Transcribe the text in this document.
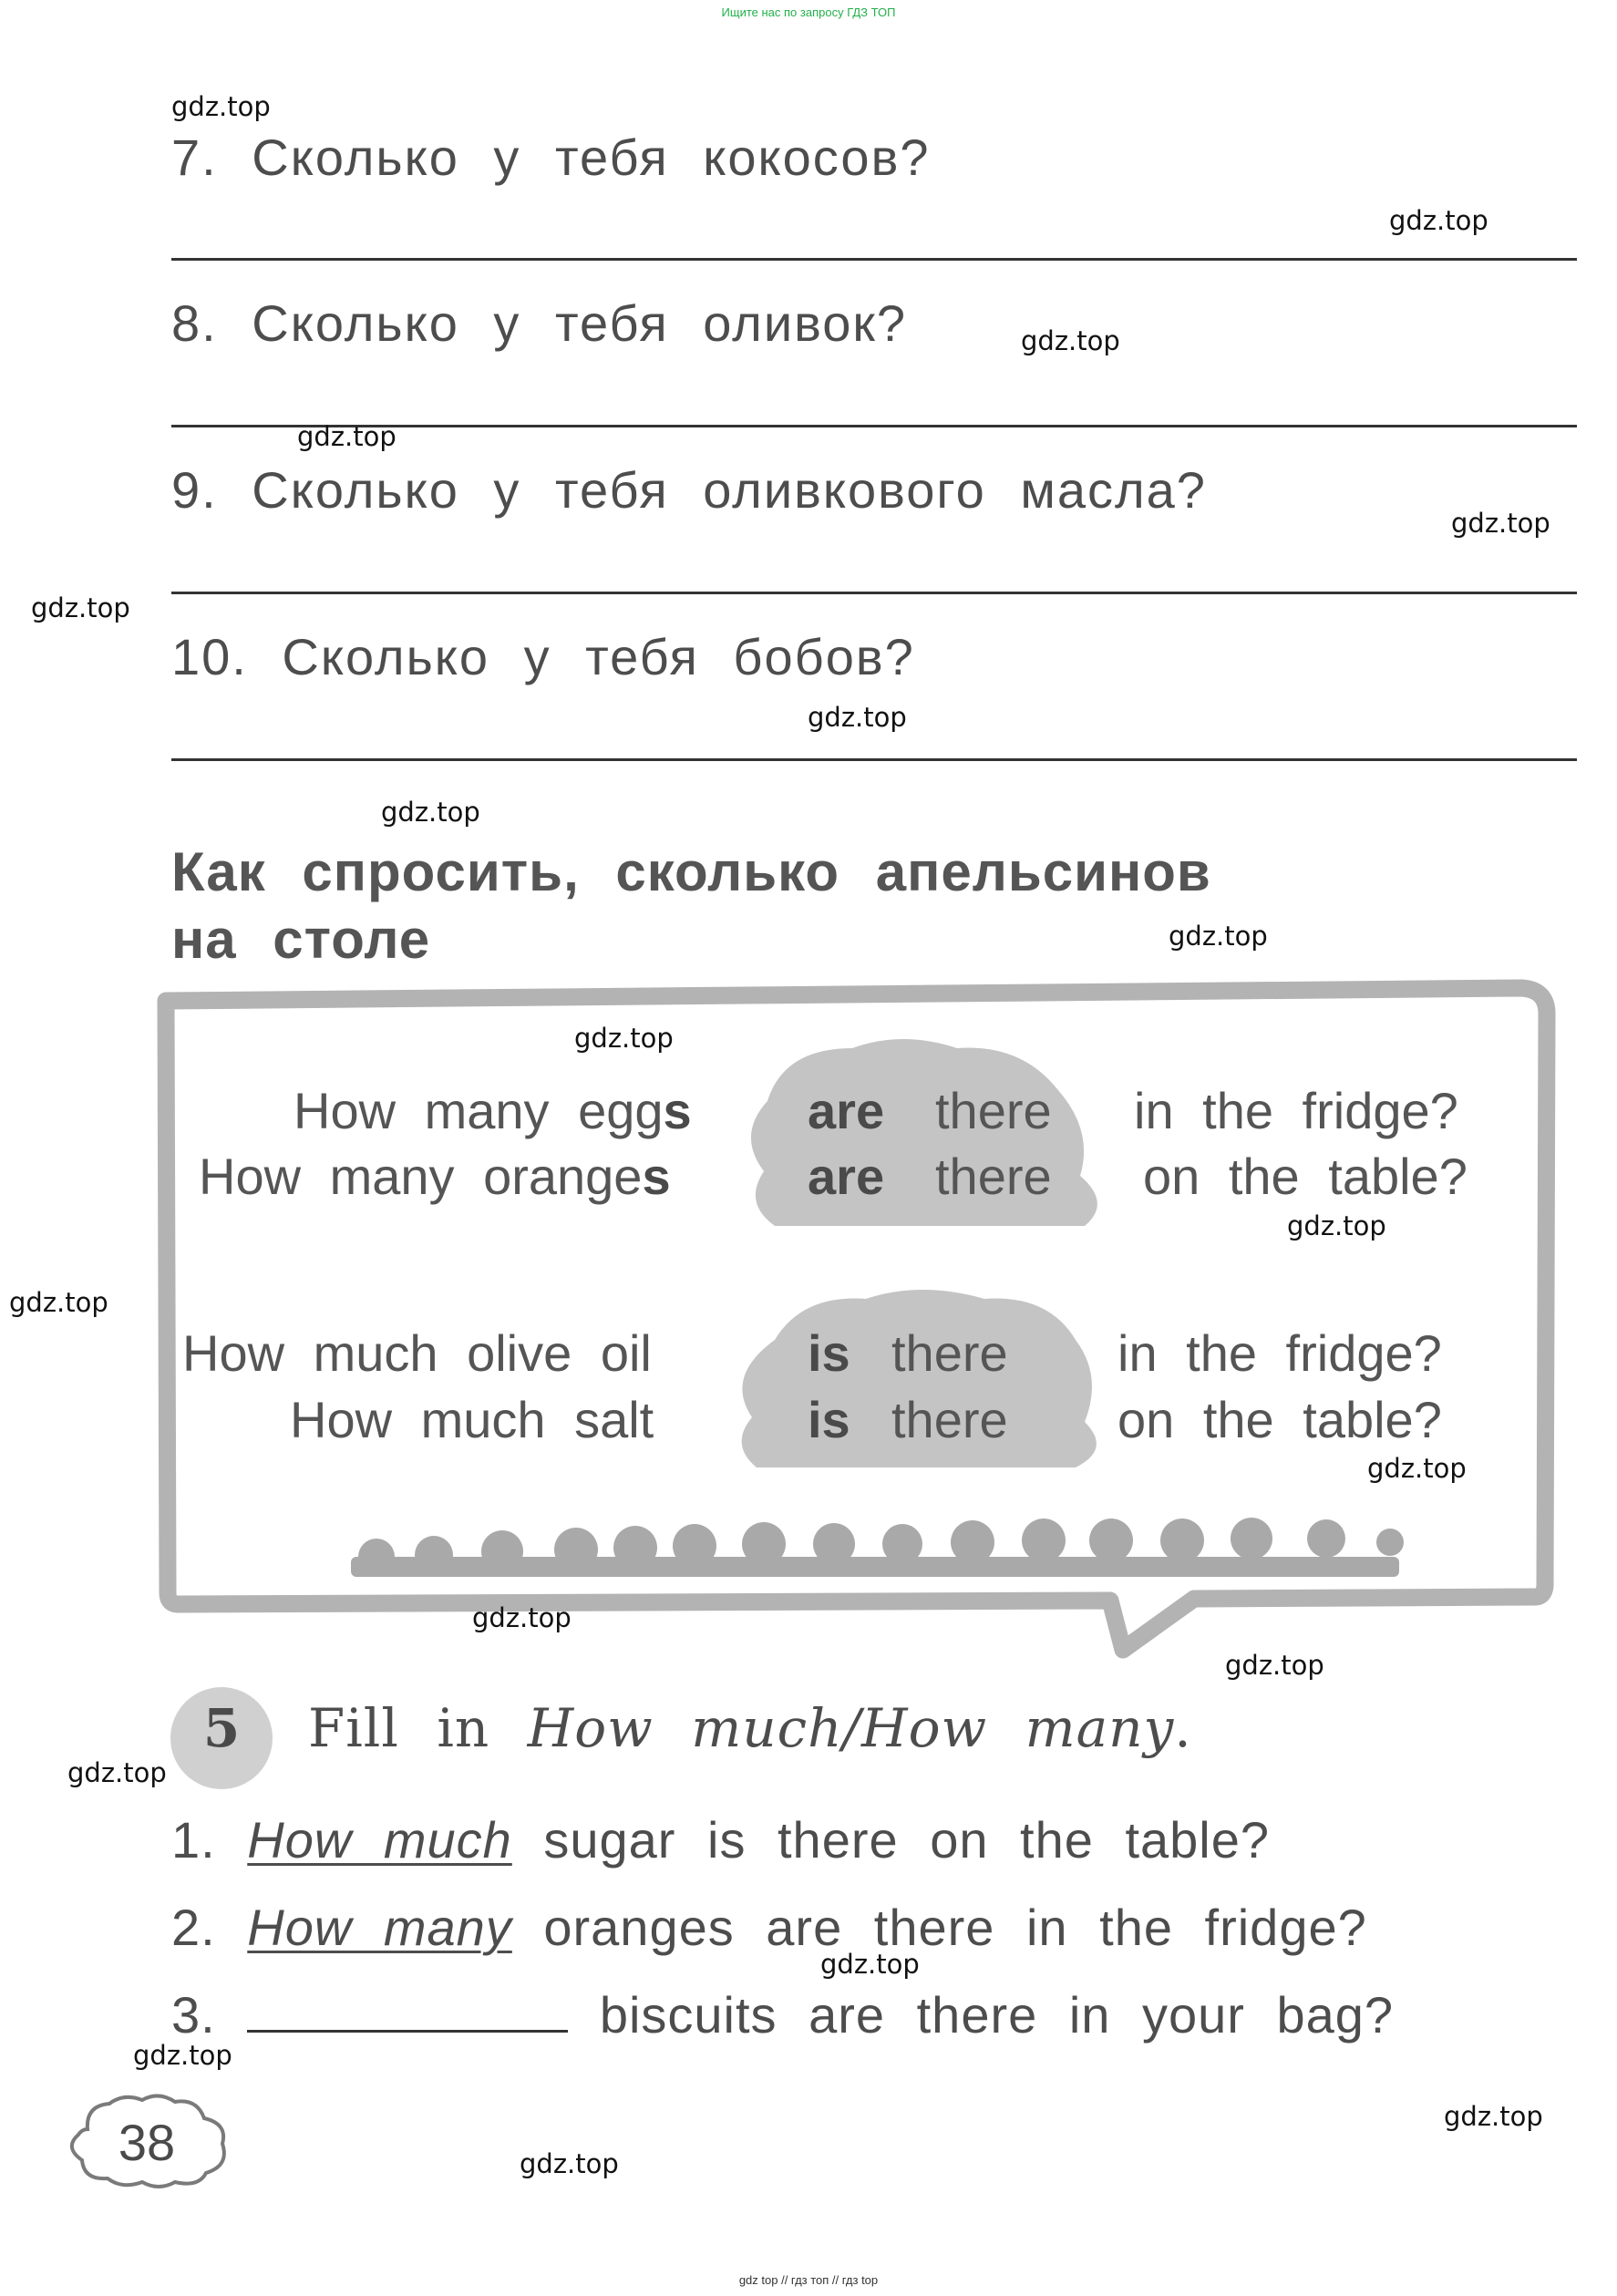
Ищите нас по запросу ГДЗ ТОП
gdz top // гдз топ // гдз top
7. Сколько у тебя кокосов?
8. Сколько у тебя оливок?
9. Сколько у тебя оливкового масла?
10. Сколько у тебя бобов?
Как спросить, сколько апельсинов
на столе
How many eggs are there in the fridge?
How many oranges	are there on the table?
How much olive oil	is there in the fridge?
How much salt	is there on the table?
5	Fill in How much/How many.
1. How much sugar is there on the table?
2. How many oranges are there in the fridge?
3.	biscuits are there in your bag?
38
gdz.top
gdz.top
gdz.top
gdz.top
gdz.top
gdz.top
gdz.top
gdz.top
gdz.top
gdz.top
gdz.top
gdz.top
gdz.top
gdz.top
gdz.top
gdz.top
gdz.top
gdz.top
gdz.top
gdz.top
